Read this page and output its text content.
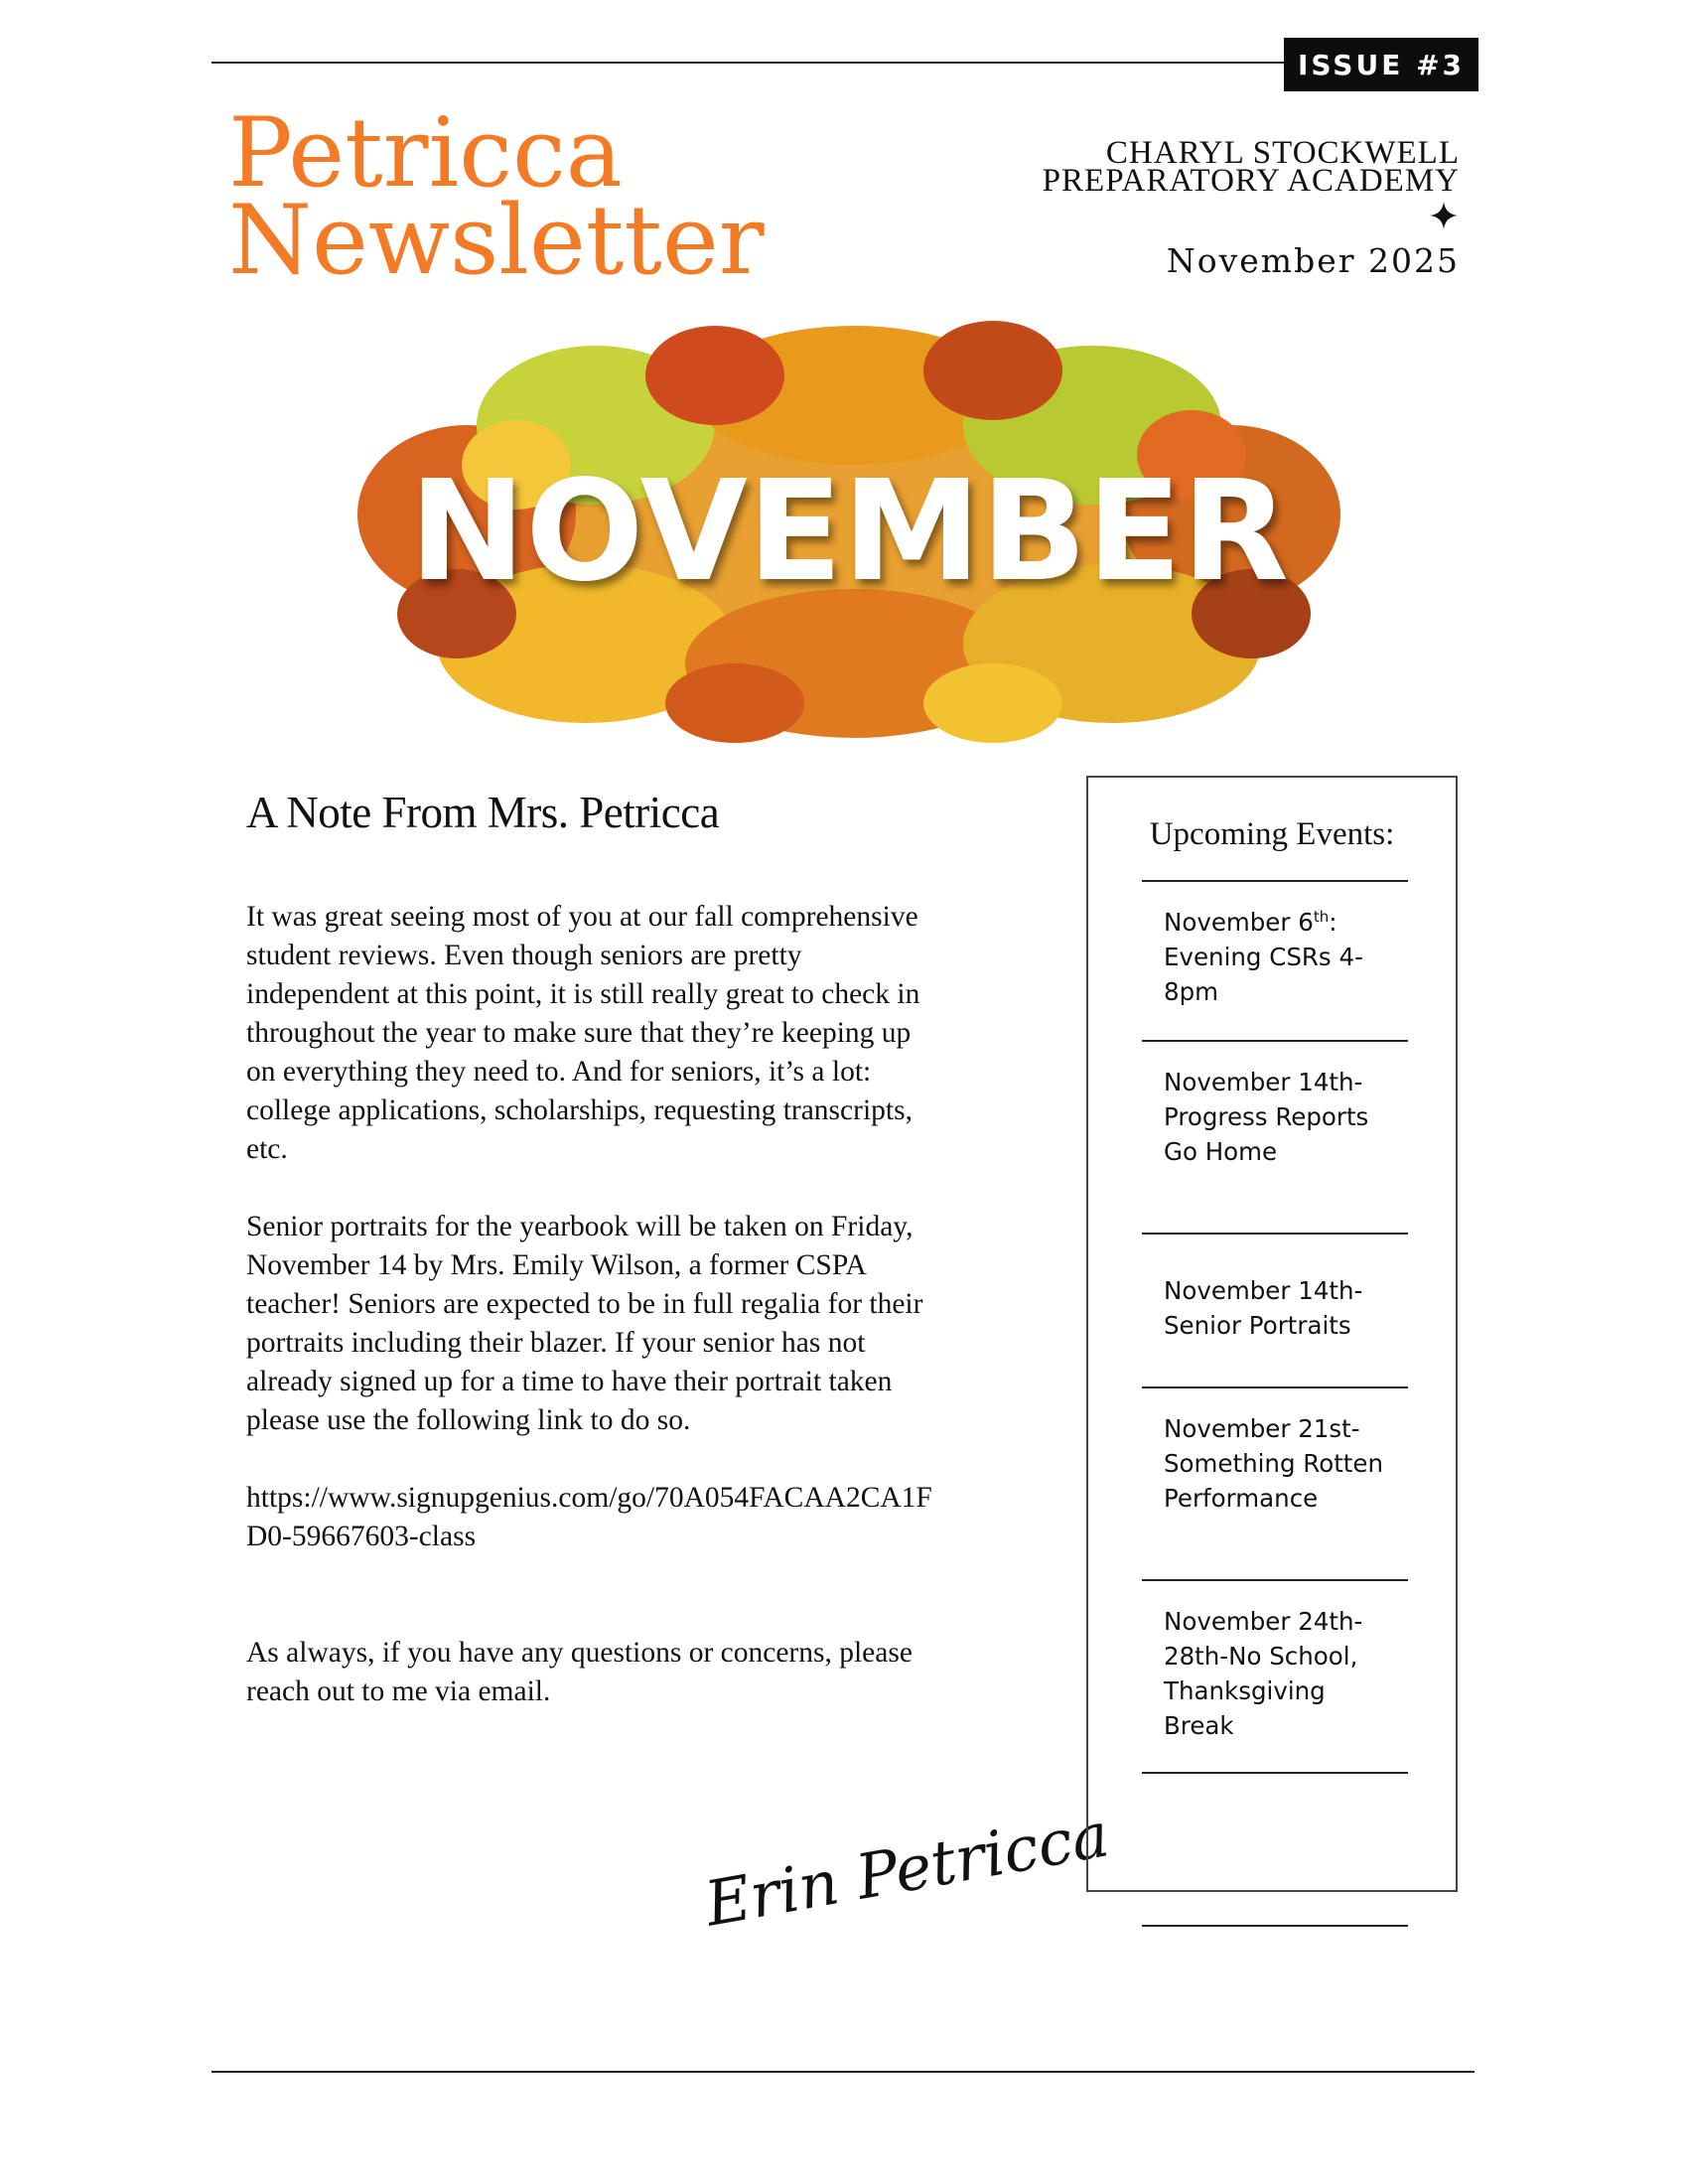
ISSUE #3
Petricca
Newsletter
CHARYL STOCKWELL
PREPARATORY ACADEMY
November 2025
NOVEMBER
A Note From Mrs. Petricca

It was great seeing most of you at our fall comprehensive student reviews. Even though seniors are pretty independent at this point, it is still really great to check in throughout the year to make sure that they’re keeping up on everything they need to. And for seniors, it’s a lot: college applications, scholarships, requesting transcripts, etc.

Senior portraits for the yearbook will be taken on Friday, November 14 by Mrs. Emily Wilson, a former CSPA teacher! Seniors are expected to be in full regalia for their portraits including their blazer. If your senior has not already signed up for a time to have their portrait taken please use the following link to do so.

https://www.signupgenius.com/go/70A054FACAA2CA1FD0-59667603-class

As always, if you have any questions or concerns, please reach out to me via email.

Erin Petricca
Upcoming Events:
November 6th: Evening CSRs 4-8pm
November 14th-Progress Reports Go Home
November 14th-Senior Portraits
November 21st-Something Rotten Performance
November 24th-28th-No School, Thanksgiving Break
